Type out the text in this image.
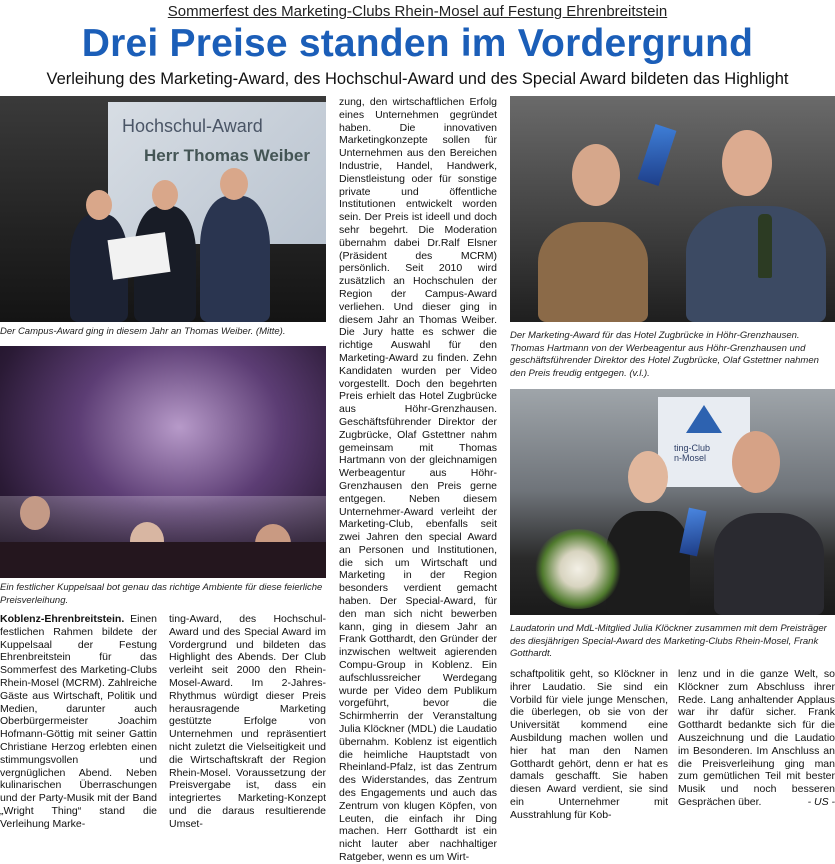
Sommerfest des Marketing-Clubs Rhein-Mosel auf Festung Ehrenbreitstein
Drei Preise standen im Vordergrund
Verleihung des Marketing-Award, des Hochschul-Award und des Special Award bildeten das Highlight
Hochschul-Award
Herr Thomas Weiber
Der Campus-Award ging in diesem Jahr an Thomas Weiber. (Mitte).
Ein festlicher Kuppelsaal bot genau das richtige Ambiente für diese feierliche Preisverleihung.
Der Marketing-Award für das Hotel Zugbrücke in Höhr-Grenzhausen. Thomas Hartmann von der Werbeagentur aus Höhr-Grenzhausen und geschäftsführender Direktor des Hotel Zugbrücke, Olaf Gstettner nahmen den Preis freudig entgegen. (v.l.).
ting-Club
n-Mosel
Laudatorin und MdL-Mitglied Julia Klöckner zusammen mit dem Preisträger des diesjährigen Special-Award des Marketing-Clubs Rhein-Mosel, Frank Gotthardt.

Koblenz-Ehrenbreitstein. Einen festlichen Rahmen bildete der Kuppelsaal der Festung Ehrenbreitstein für das Sommerfest des Marketing-Clubs Rhein-Mosel (MCRM). Zahlreiche Gäste aus Wirtschaft, Politik und Medien, darunter auch Oberbürgermeister Joachim Hofmann-Göttig mit seiner Gattin Christiane Herzog erlebten einen stimmungsvollen und vergnüglichen Abend. Neben kulinarischen Überraschungen und der Party-Musik mit der Band „Wright Thing“ stand die Verleihung Marke-

ting-Award, des Hochschul-Award und des Special Award im Vordergrund und bildeten das Highlight des Abends. Der Club verleiht seit 2000 den Rhein-Mosel-Award. Im 2-Jahres-Rhythmus würdigt dieser Preis herausragende Marketing gestützte Erfolge von Unternehmen und repräsentiert nicht zuletzt die Vielseitigkeit und die Wirtschaftskraft der Region Rhein-Mosel. Voraussetzung der Preisvergabe ist, dass ein integriertes Marketing-Konzept und die daraus resultierende Umset-

zung, den wirtschaftlichen Erfolg eines Unternehmen gegründet haben. Die innovativen Marketingkonzepte sollen für Unternehmen aus den Bereichen Industrie, Handel, Handwerk, Dienstleistung oder für sonstige private und öffentliche Institutionen entwickelt worden sein. Der Preis ist ideell und doch sehr begehrt. Die Moderation übernahm dabei Dr.Ralf Elsner (Präsident des MCRM) persönlich. Seit 2010 wird zusätzlich an Hochschulen der Region der Campus-Award verliehen. Und dieser ging in diesem Jahr an Thomas Weiber. Die Jury hatte es schwer die richtige Auswahl für den Marketing-Award zu finden. Zehn Kandidaten wurden per Video vorgestellt. Doch den begehrten Preis erhielt das Hotel Zugbrücke aus Höhr-Grenzhausen. Geschäftsführender Direktor der Zugbrücke, Olaf Gstettner nahm gemeinsam mit Thomas Hartmann von der gleichnamigen Werbeagentur aus Höhr-Grenzhausen den Preis gerne entgegen. Neben diesem Unternehmer-Award verleiht der Marketing-Club, ebenfalls seit zwei Jahren den special Award an Personen und Institutionen, die sich um Wirtschaft und Marketing in der Region besonders verdient gemacht haben. Der Special-Award, für den man sich nicht bewerben kann, ging in diesem Jahr an Frank Gotthardt, den Gründer der inzwischen weltweit agierenden Compu-Group in Koblenz. Ein aufschlussreicher Werdegang wurde per Video dem Publikum vorgeführt, bevor die Schirmherrin der Veranstaltung Julia Klöckner (MDL) die Laudatio übernahm. Koblenz ist eigentlich die heimliche Hauptstadt von Rheinland-Pfalz, ist das Zentrum des Widerstandes, das Zentrum des Engagements und auch das Zentrum von klugen Köpfen, von Leuten, die einfach ihr Ding machen. Herr Gotthardt ist ein nicht lauter aber nachhaltiger Ratgeber, wenn es um Wirt-

schaftpolitik geht, so Klöckner in ihrer Laudatio. Sie sind ein Vorbild für viele junge Menschen, die überlegen, ob sie von der Universität kommend eine Ausbildung machen wollen und hier hat man den Namen Gotthardt gehört, denn er hat es damals geschafft. Sie haben diesen Award verdient, sie sind ein Unternehmer mit Ausstrahlung für Kob-

lenz und in die ganze Welt, so Klöckner zum Abschluss ihrer Rede. Lang anhaltender Applaus war ihr dafür sicher. Frank Gotthardt bedankte sich für die Auszeichnung und die Laudatio im Besonderen. Im Anschluss an die Preisverleihung ging man zum gemütlichen Teil mit bester Musik und noch besseren Gesprächen über.	- US -
